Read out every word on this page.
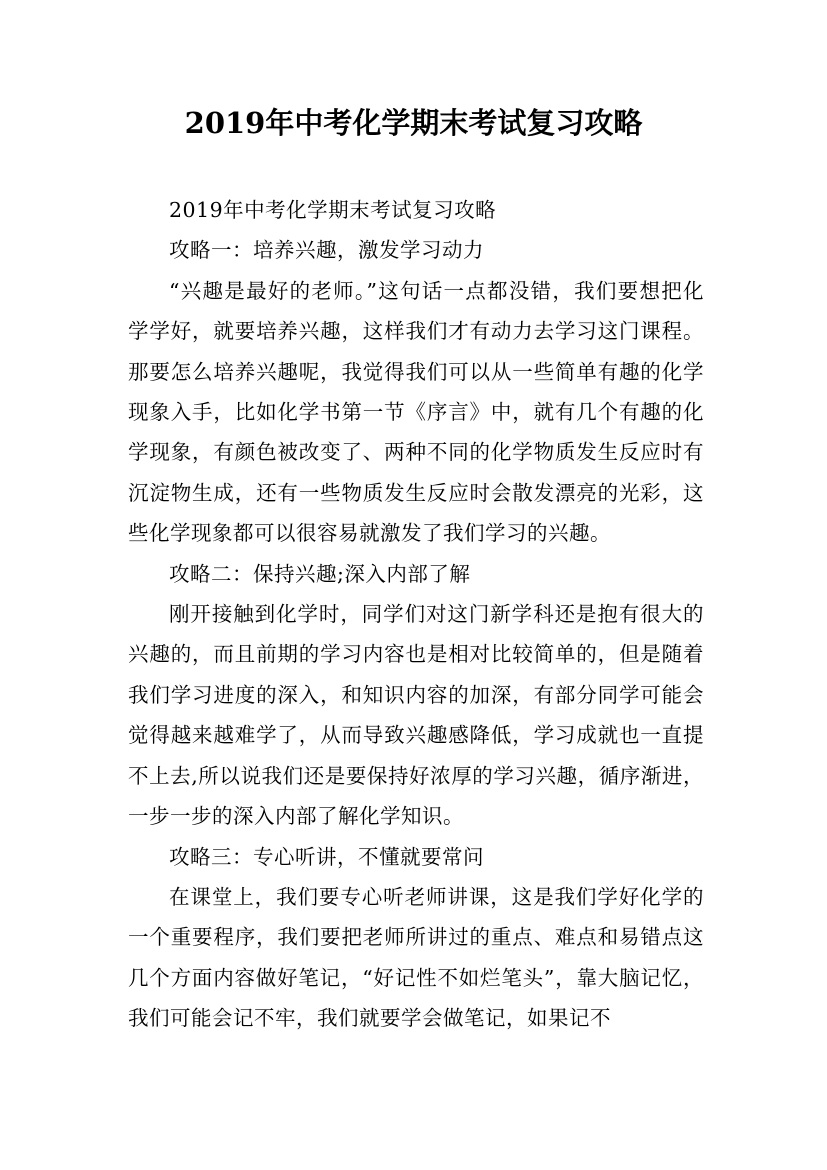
2019年中考化学期末考试复习攻略

2019年中考化学期末考试复习攻略

攻略一：培养兴趣，激发学习动力

“兴趣是最好的老师。”这句话一点都没错，我们要想把化学学好，就要培养兴趣，这样我们才有动力去学习这门课程。那要怎么培养兴趣呢，我觉得我们可以从一些简单有趣的化学现象入手，比如化学书第一节《序言》中，就有几个有趣的化学现象，有颜色被改变了、两种不同的化学物质发生反应时有沉淀物生成，还有一些物质发生反应时会散发漂亮的光彩，这些化学现象都可以很容易就激发了我们学习的兴趣。

攻略二：保持兴趣;深入内部了解

刚开接触到化学时，同学们对这门新学科还是抱有很大的兴趣的，而且前期的学习内容也是相对比较简单的，但是随着我们学习进度的深入，和知识内容的加深，有部分同学可能会觉得越来越难学了，从而导致兴趣感降低，学习成就也一直提不上去,所以说我们还是要保持好浓厚的学习兴趣，循序渐进，一步一步的深入内部了解化学知识。

攻略三：专心听讲，不懂就要常问

在课堂上，我们要专心听老师讲课，这是我们学好化学的一个重要程序，我们要把老师所讲过的重点、难点和易错点这几个方面内容做好笔记，“好记性不如烂笔头”，靠大脑记忆，我们可能会记不牢，我们就要学会做笔记，如果记不
